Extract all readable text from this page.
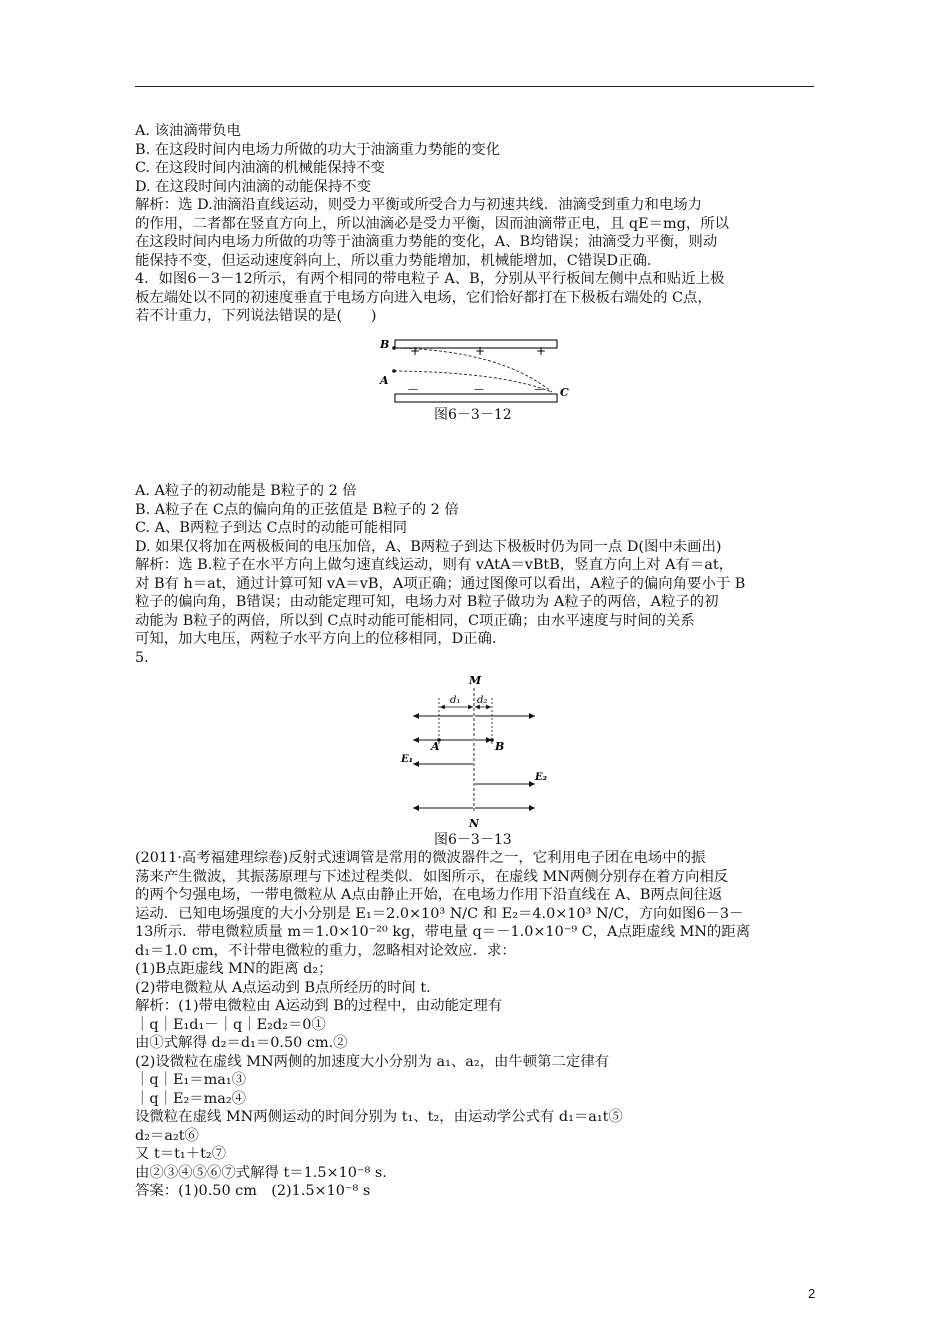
A. 该油滴带负电

B. 在这段时间内电场力所做的功大于油滴重力势能的变化

C. 在这段时间内油滴的机械能保持不变

D. 在这段时间内油滴的动能保持不变

解析：选 D.油滴沿直线运动，则受力平衡或所受合力与初速共线．油滴受到重力和电场力

的作用，二者都在竖直方向上，所以油滴必是受力平衡，因而油滴带正电，且 qE＝mg，所以

在这段时间内电场力所做的功等于油滴重力势能的变化，A、B均错误；油滴受力平衡，则动

能保持不变，但运动速度斜向上，所以重力势能增加，机械能增加，C错误D正确．

4．如图6－3－12所示，有两个相同的带电粒子 A、B，分别从平行板间左侧中点和贴近上极

板左端处以不同的初速度垂直于电场方向进入电场，它们恰好都打在下极板右端处的 C点，

若不计重力，下列说法错误的是(　　)

+	+	+
—	—	—
B
A
C
图6－3－12

A. A粒子的初动能是 B粒子的 2 倍

B. A粒子在 C点的偏向角的正弦值是 B粒子的 2 倍

C. A、B两粒子到达 C点时的动能可能相同

D. 如果仅将加在两极板间的电压加倍，A、B两粒子到达下极板时仍为同一点 D(图中未画出)

解析：选 B.粒子在水平方向上做匀速直线运动，则有 vAtA＝vBtB，竖直方向上对 A有＝at，

对 B有 h＝at，通过计算可知 vA＝vB，A项正确；通过图像可以看出，A粒子的偏向角要小于 B

粒子的偏向角，B错误；由动能定理可知，电场力对 B粒子做功为 A粒子的两倍，A粒子的初

动能为 B粒子的两倍，所以到 C点时动能可能相同，C项正确；由水平速度与时间的关系

可知，加大电压，两粒子水平方向上的位移相同，D正确．

5.

M
N
d₁ d₂
A	B
E₁
E₂
图6－3－13

(2011·高考福建理综卷)反射式速调管是常用的微波器件之一，它利用电子团在电场中的振

荡来产生微波，其振荡原理与下述过程类似．如图所示，在虚线 MN两侧分别存在着方向相反

的两个匀强电场，一带电微粒从 A点由静止开始，在电场力作用下沿直线在 A、B两点间往返

运动．已知电场强度的大小分别是 E₁＝2.0×10³ N/C 和 E₂＝4.0×10³ N/C，方向如图6－3－

13所示．带电微粒质量 m＝1.0×10⁻²⁰ kg，带电量 q＝－1.0×10⁻⁹ C，A点距虚线 MN的距离

d₁＝1.0 cm，不计带电微粒的重力，忽略相对论效应．求：

(1)B点距虚线 MN的距离 d₂；

(2)带电微粒从 A点运动到 B点所经历的时间 t.

解析：(1)带电微粒由 A运动到 B的过程中，由动能定理有

｜q｜E₁d₁－｜q｜E₂d₂＝0①

由①式解得 d₂＝d₁＝0.50 cm.②

(2)设微粒在虚线 MN两侧的加速度大小分别为 a₁、a₂，由牛顿第二定律有

｜q｜E₁＝ma₁③

｜q｜E₂＝ma₂④

设微粒在虚线 MN两侧运动的时间分别为 t₁、t₂，由运动学公式有 d₁＝a₁t⑤

d₂＝a₂t⑥

又 t＝t₁＋t₂⑦

由②③④⑤⑥⑦式解得 t＝1.5×10⁻⁸ s.

答案：(1)0.50 cm　(2)1.5×10⁻⁸ s

2
